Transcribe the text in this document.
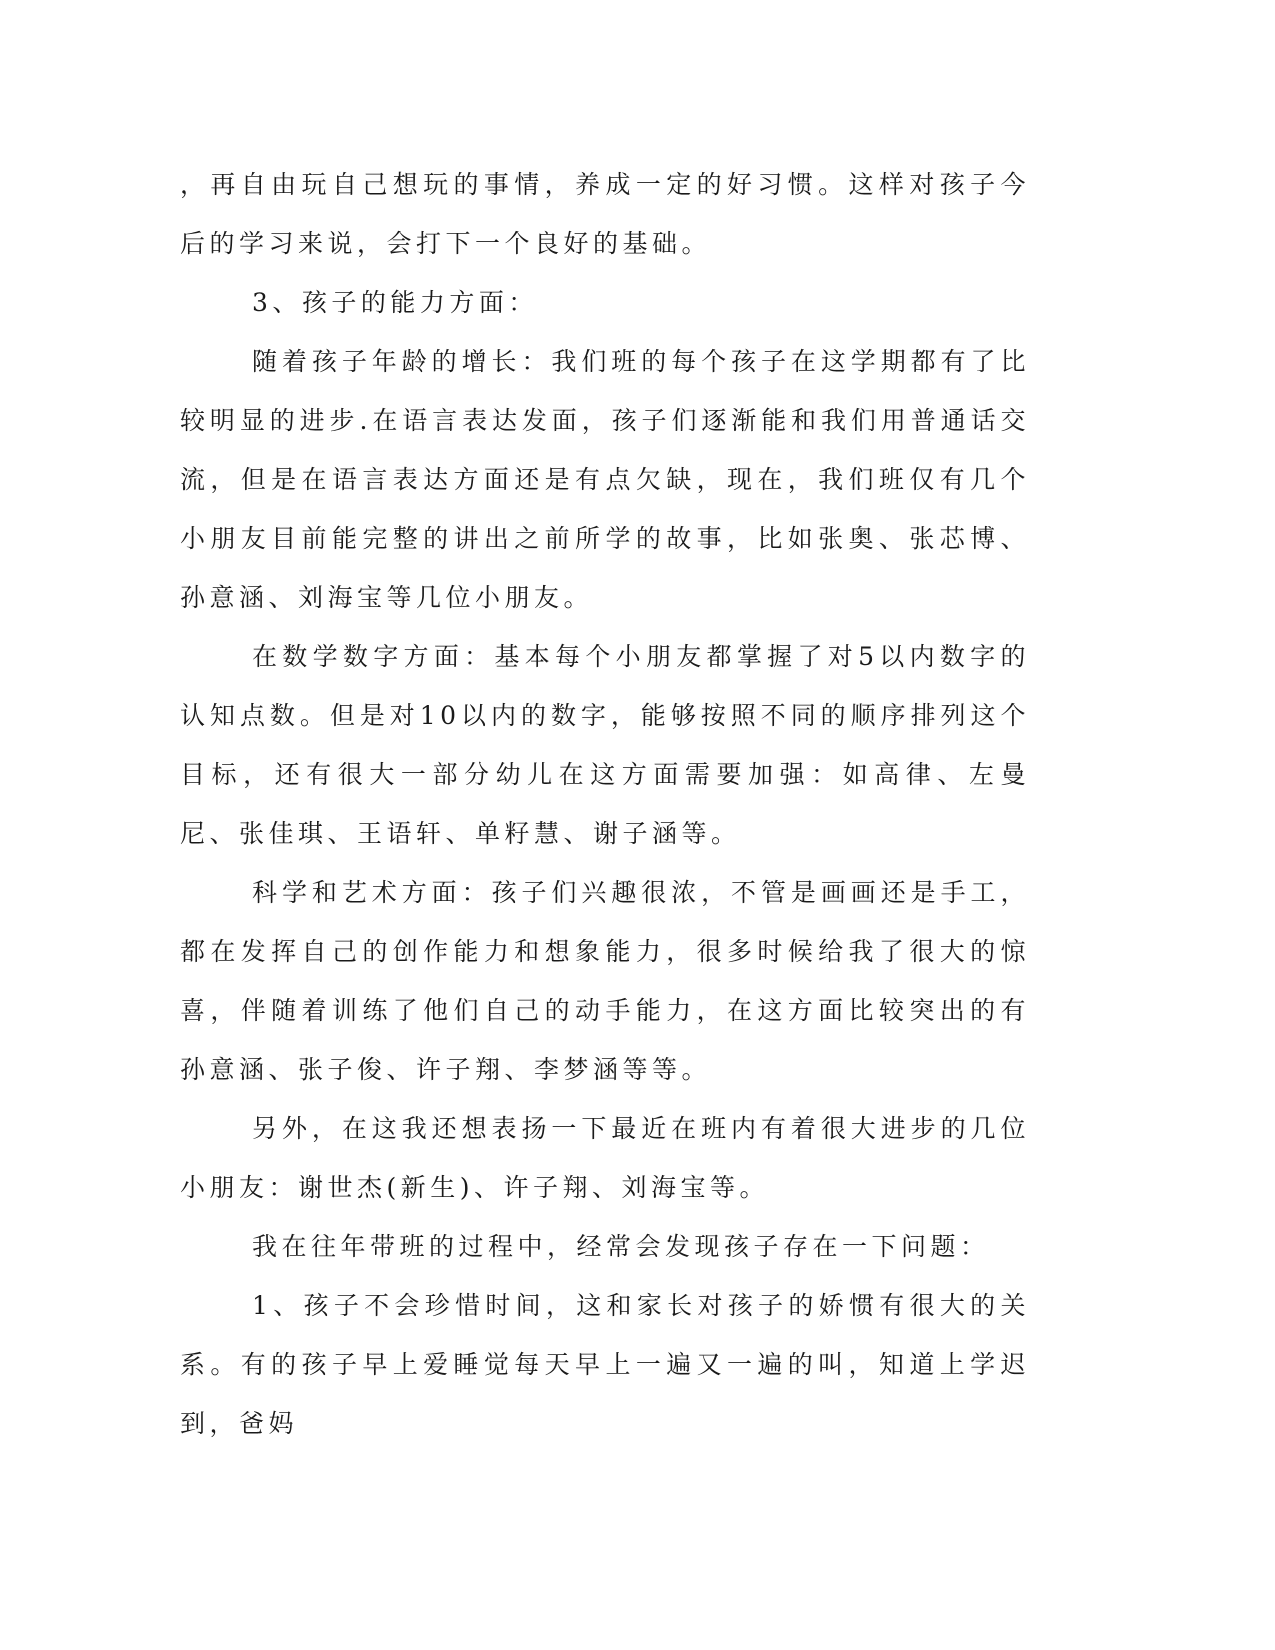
，再自由玩自己想玩的事情，养成一定的好习惯。这样对孩子今后的学习来说，会打下一个良好的基础。

3、孩子的能力方面：

随着孩子年龄的增长：我们班的每个孩子在这学期都有了比较明显的进步.在语言表达发面，孩子们逐渐能和我们用普通话交流，但是在语言表达方面还是有点欠缺，现在，我们班仅有几个小朋友目前能完整的讲出之前所学的故事，比如张奥、张芯博、孙意涵、刘海宝等几位小朋友。

在数学数字方面：基本每个小朋友都掌握了对5以内数字的认知点数。但是对10以内的数字，能够按照不同的顺序排列这个目标，还有很大一部分幼儿在这方面需要加强：如高律、左曼尼、张佳琪、王语轩、单籽慧、谢子涵等。

科学和艺术方面：孩子们兴趣很浓，不管是画画还是手工，都在发挥自己的创作能力和想象能力，很多时候给我了很大的惊喜，伴随着训练了他们自己的动手能力，在这方面比较突出的有孙意涵、张子俊、许子翔、李梦涵等等。

另外，在这我还想表扬一下最近在班内有着很大进步的几位小朋友：谢世杰(新生)、许子翔、刘海宝等。

我在往年带班的过程中，经常会发现孩子存在一下问题：

1、孩子不会珍惜时间，这和家长对孩子的娇惯有很大的关系。有的孩子早上爱睡觉每天早上一遍又一遍的叫，知道上学迟到，爸妈
